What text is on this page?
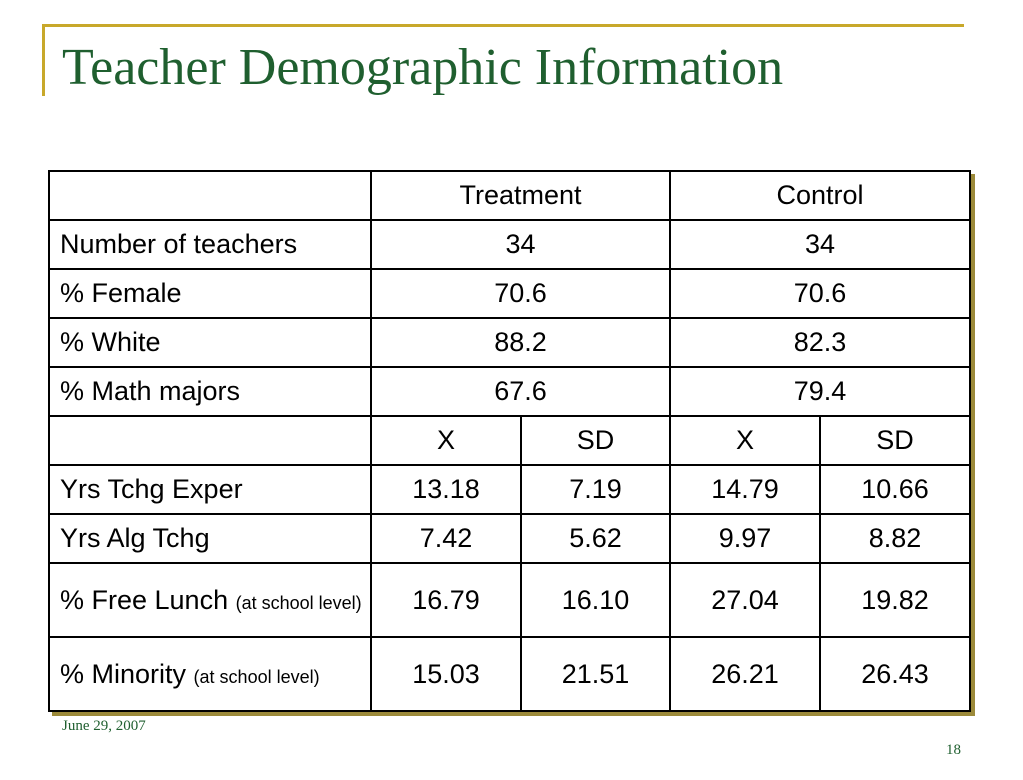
Teacher Demographic Information
	Treatment		Control	
Number of teachers	34		34	
% Female	70.6		70.6	
% White	88.2		82.3	
% Math majors	67.6		79.4	
	X	SD	X	SD
Yrs Tchg Exper	13.18	7.19	14.79	10.66
Yrs Alg Tchg	7.42	5.62	9.97	8.82
% Free Lunch (at school level)	16.79	16.10	27.04	19.82
% Minority (at school level)	15.03	21.51	26.21	26.43
June 29, 2007
18
